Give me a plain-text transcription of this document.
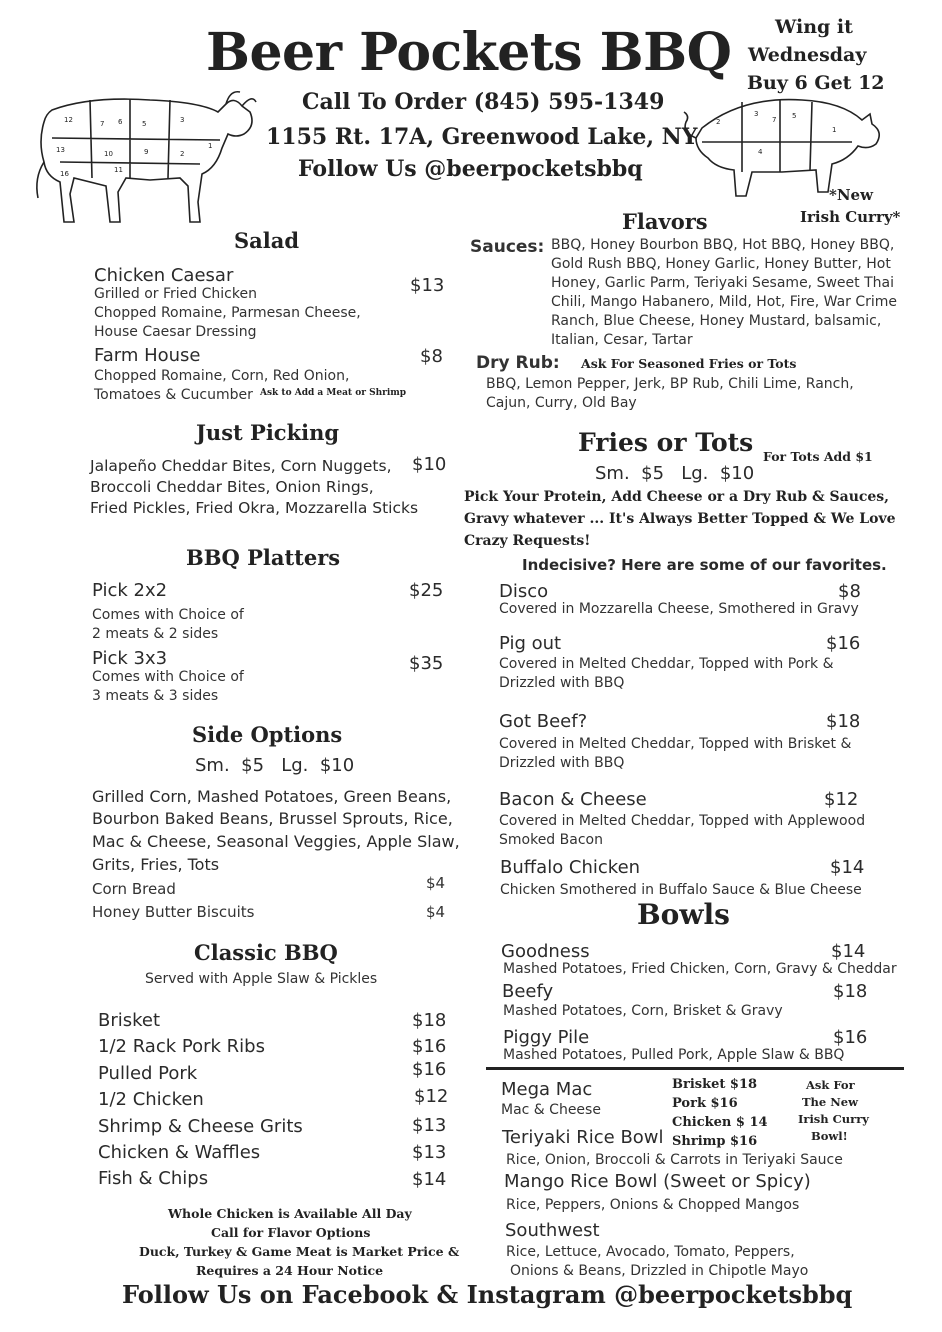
Beer Pockets BBQ
Call To Order (845) 595-1349
1155 Rt. 17A, Greenwood Lake, NY
Follow Us @beerpocketsbbq
Wing it
Wednesday
Buy 6 Get 12
*New
Irish Curry*
12	7 6	5	3
13	10	9	2
16	11
1
2
3
7 5
4
1
Salad
Chicken Caesar	$13
Grilled or Fried Chicken
Chopped Romaine, Parmesan Cheese,
House Caesar Dressing
Farm House	$8
Chopped Romaine, Corn, Red Onion,
Tomatoes & Cucumber Ask to Add a Meat or Shrimp
Just Picking
Jalapeño Cheddar Bites, Corn Nuggets,
Broccoli Cheddar Bites, Onion Rings,
Fried Pickles, Fried Okra, Mozzarella Sticks
$10
BBQ Platters
Pick 2x2	$25
Comes with Choice of
2 meats & 2 sides
Pick 3x3	$35
Comes with Choice of
3 meats & 3 sides
Side Options
Sm.  $5   Lg.  $10
Grilled Corn, Mashed Potatoes, Green Beans,
Bourbon Baked Beans, Brussel Sprouts, Rice,
Mac & Cheese, Seasonal Veggies, Apple Slaw,
Grits, Fries, Tots
Corn Bread	$4
Honey Butter Biscuits	$4
Classic BBQ
Served with Apple Slaw & Pickles
Brisket	$18
1/2 Rack Pork Ribs	$16
Pulled Pork	$16
1/2 Chicken	$12
Shrimp & Cheese Grits	$13
Chicken & Waffles	$13
Fish & Chips	$14
Whole Chicken is Available All Day
Call for Flavor Options
Duck, Turkey & Game Meat is Market Price &
Requires a 24 Hour Notice
Flavors
Sauces: BBQ, Honey Bourbon BBQ, Hot BBQ, Honey BBQ,
Gold Rush BBQ, Honey Garlic, Honey Butter, Hot
Honey, Garlic Parm, Teriyaki Sesame, Sweet Thai
Chili, Mango Habanero, Mild, Hot, Fire, War Crime
Ranch, Blue Cheese, Honey Mustard, balsamic,
Italian, Cesar, Tartar
Dry Rub: Ask For Seasoned Fries or Tots
BBQ, Lemon Pepper, Jerk, BP Rub, Chili Lime, Ranch,
Cajun, Curry, Old Bay
Fries or Tots For Tots Add $1
Sm.  $5   Lg.  $10
Pick Your Protein, Add Cheese or a Dry Rub & Sauces,
Gravy whatever ... It's Always Better Topped & We Love
Crazy Requests!
Indecisive? Here are some of our favorites.
Disco	$8
Covered in Mozzarella Cheese, Smothered in Gravy
Pig out	$16
Covered in Melted Cheddar, Topped with Pork &
Drizzled with BBQ
Got Beef?	$18
Covered in Melted Cheddar, Topped with Brisket &
Drizzled with BBQ
Bacon & Cheese	$12
Covered in Melted Cheddar, Topped with Applewood
Smoked Bacon
Buffalo Chicken	$14
Chicken Smothered in Buffalo Sauce & Blue Cheese
Bowls
Goodness	$14
Mashed Potatoes, Fried Chicken, Corn, Gravy & Cheddar
Beefy	$18
Mashed Potatoes, Corn, Brisket & Gravy
Piggy Pile	$16
Mashed Potatoes, Pulled Pork, Apple Slaw & BBQ
Mega Mac
Mac & Cheese
Brisket $18
Pork $16
Chicken $ 14
Shrimp $16
Ask For
The New
Irish Curry
Bowl!
Teriyaki Rice Bowl
Rice, Onion, Broccoli & Carrots in Teriyaki Sauce
Mango Rice Bowl (Sweet or Spicy)
Rice, Peppers, Onions & Chopped Mangos
Southwest
Rice, Lettuce, Avocado, Tomato, Peppers,
Onions & Beans, Drizzled in Chipotle Mayo
Follow Us on Facebook & Instagram @beerpocketsbbq
